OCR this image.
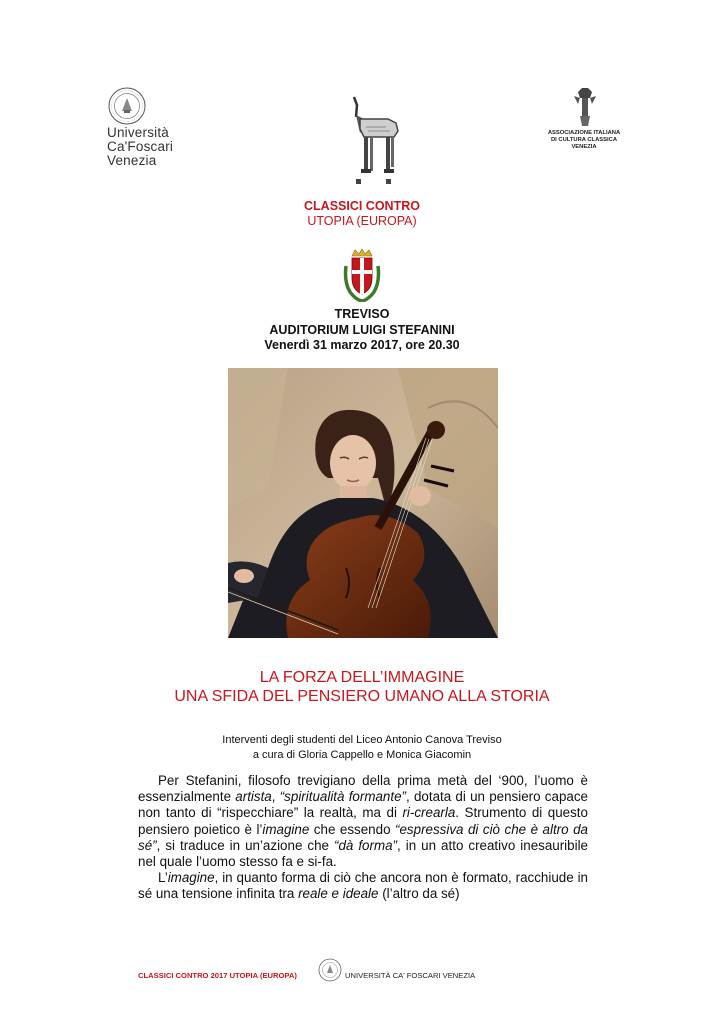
Università
Ca'Foscari
Venezia
ASSOCIAZIONE ITALIANA
DI CULTURA CLASSICA
VENEZIA
CLASSICI CONTRO
UTOPIA (EUROPA)
TREVISO
AUDITORIUM LUIGI STEFANINI
Venerdì 31 marzo 2017, ore 20.30
LA FORZA DELL’IMMAGINE
UNA SFIDA DEL PENSIERO UMANO ALLA STORIA
Interventi degli studenti del Liceo Antonio Canova Treviso
a cura di Gloria Cappello e Monica Giacomin

Per Stefanini, filosofo trevigiano della prima metà del ‘900, l’uomo è essenzialmente artista, “spiritualità formante”, dotata di un pensiero capace non tanto di “rispecchiare” la realtà, ma di ri-crearla. Strumento di questo pensiero poietico è l’imagine che essendo “espressiva di ciò che è altro da sé”, si traduce in un’azione che “dà forma”, in un atto creativo inesauribile nel quale l’uomo stesso fa e si-fa.

L’imagine, in quanto forma di ciò che ancora non è formato, racchiude in sé una tensione infinita tra reale e ideale (l’altro da sé)

CLASSICI CONTRO 2017 UTOPIA (EUROPA)	UNIVERSITÀ CA' FOSCARI VENEZIA
